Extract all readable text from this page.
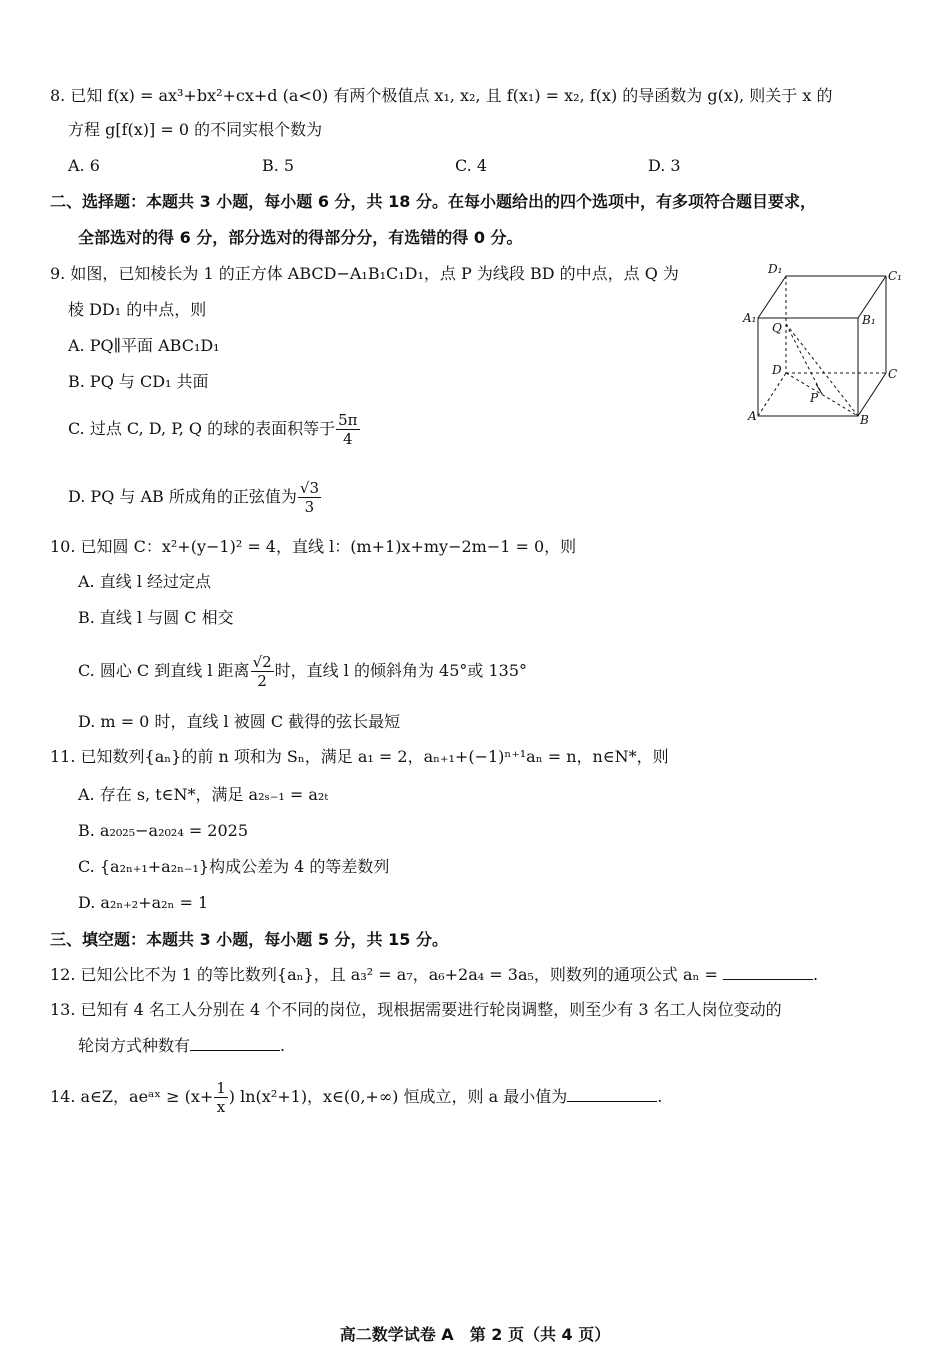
8. 已知 f(x) = ax³+bx²+cx+d (a<0) 有两个极值点 x₁, x₂, 且 f(x₁) = x₂, f(x) 的导函数为 g(x), 则关于 x 的
方程 g[f(x)] = 0 的不同实根个数为
A. 6	B. 5	C. 4	D. 3
二、选择题：本题共 3 小题，每小题 6 分，共 18 分。在每小题给出的四个选项中，有多项符合题目要求，
全部选对的得 6 分，部分选对的得部分分，有选错的得 0 分。
9. 如图，已知棱长为 1 的正方体 ABCD−A₁B₁C₁D₁，点 P 为线段 BD 的中点，点 Q 为
棱 DD₁ 的中点，则
A. PQ∥平面 ABC₁D₁
B. PQ 与 CD₁ 共面
C. 过点 C, D, P, Q 的球的表面积等于 $\frac{5\pi}{4}$
D. PQ 与 AB 所成角的正弦值为 $\frac{√3}{3}$
D₁	C₁
A₁	B₁
Q
D	C
P
A	B
10. 已知圆 C：x²+(y−1)² = 4，直线 l：(m+1)x+my−2m−1 = 0，则
A. 直线 l 经过定点
B. 直线 l 与圆 C 相交
C. 圆心 C 到直线 l 距离 $\frac{√2}{2}$ 时，直线 l 的倾斜角为 45°或 135°
D. m = 0 时，直线 l 被圆 C 截得的弦长最短
11. 已知数列{aₙ}的前 n 项和为 Sₙ，满足 a₁ = 2，aₙ₊₁+(−1)ⁿ⁺¹aₙ = n，n∈N*，则
A. 存在 s, t∈N*，满足 a₂ₛ₋₁ = a₂ₜ
B. a₂₀₂₅−a₂₀₂₄ = 2025
C. {a₂ₙ₊₁+a₂ₙ₋₁}构成公差为 4 的等差数列
D. a₂ₙ₊₂+a₂ₙ = 1
三、填空题：本题共 3 小题，每小题 5 分，共 15 分。
12. 已知公比不为 1 的等比数列{aₙ}，且 a₃² = a₇，a₆+2a₄ = 3a₅，则数列的通项公式 aₙ =	.
13. 已知有 4 名工人分别在 4 个不同的岗位，现根据需要进行轮岗调整，则至少有 3 名工人岗位变动的
轮岗方式种数有	.
14. a∈Z，aeᵃˣ ≥ ($x+ \frac{1}{x}$ ) ln(x²+1)，x∈(0,+∞) 恒成立，则 a 最小值为	.
高二数学试卷 A　第 2 页（共 4 页）
